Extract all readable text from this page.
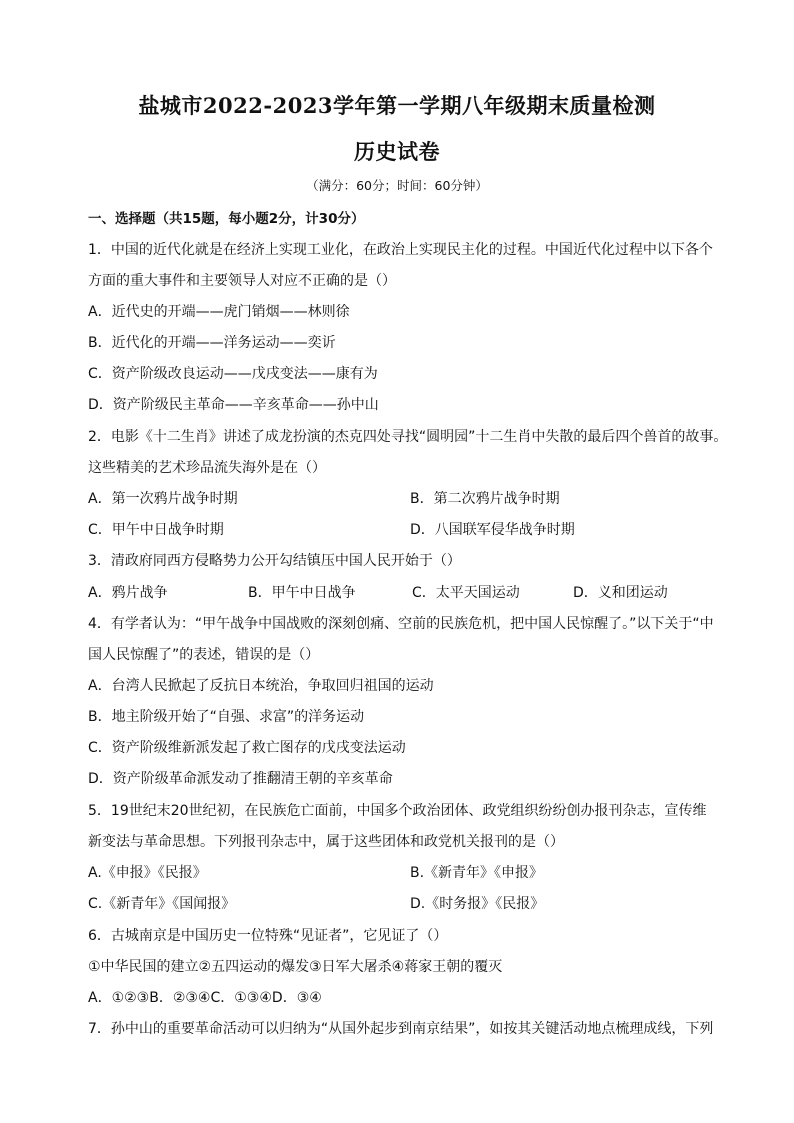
盐城市2022-2023学年第一学期八年级期末质量检测
历史试卷
（满分：60分；时间：60分钟）
一、选择题（共15题，每小题2分，计30分）
1．中国的近代化就是在经济上实现工业化，在政治上实现民主化的过程。中国近代化过程中以下各个
方面的重大事件和主要领导人对应不正确的是（）
A．近代史的开端——虎门销烟——林则徐
B．近代化的开端——洋务运动——奕䜣
C．资产阶级改良运动——戊戌变法——康有为
D．资产阶级民主革命——辛亥革命——孙中山
2．电影《十二生肖》讲述了成龙扮演的杰克四处寻找“圆明园”十二生肖中失散的最后四个兽首的故事。
这些精美的艺术珍品流失海外是在（）
A．第一次鸦片战争时期	B．第二次鸦片战争时期
C．甲午中日战争时期	D．八国联军侵华战争时期
3．清政府同西方侵略势力公开勾结镇压中国人民开始于（）
A．鸦片战争	B．甲午中日战争	C．太平天国运动	D．义和团运动
4．有学者认为：“甲午战争中国战败的深刻创痛、空前的民族危机，把中国人民惊醒了。”以下关于“中
国人民惊醒了”的表述，错误的是（）
A．台湾人民掀起了反抗日本统治，争取回归祖国的运动
B．地主阶级开始了“自强、求富”的洋务运动
C．资产阶级维新派发起了救亡图存的戊戌变法运动
D．资产阶级革命派发动了推翻清王朝的辛亥革命
5．19世纪末20世纪初，在民族危亡面前，中国多个政治团体、政党组织纷纷创办报刊杂志，宣传维
新变法与革命思想。下列报刊杂志中，属于这些团体和政党机关报刊的是（）
A.《申报》《民报》	B.《新青年》《申报》
C.《新青年》《国闻报》	D.《时务报》《民报》
6．古城南京是中国历史一位特殊“见证者”，它见证了（）
①中华民国的建立②五四运动的爆发③日军大屠杀④蒋家王朝的覆灭
A．①②③B．②③④C．①③④D．③④
7．孙中山的重要革命活动可以归纳为“从国外起步到南京结果”，如按其关键活动地点梳理成线，下列
